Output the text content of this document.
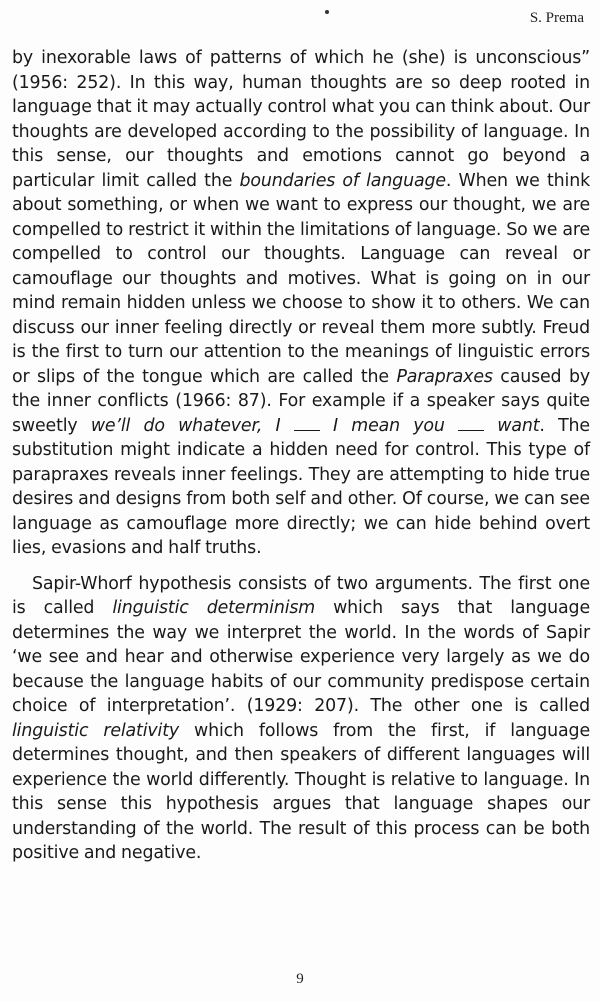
S. Prema

by inexorable laws of patterns of which he (she) is unconscious” (1956: 252). In this way, human thoughts are so deep rooted in language that it may actually control what you can think about. Our thoughts are developed according to the possibility of language. In this sense, our thoughts and emotions cannot go beyond a particular limit called the boundaries of language. When we think about something, or when we want to express our thought, we are compelled to restrict it within the limitations of language. So we are compelled to control our thoughts. Language can reveal or camouflage our thoughts and motives. What is going on in our mind remain hidden unless we choose to show it to others. We can discuss our inner feeling directly or reveal them more subtly. Freud is the first to turn our attention to the meanings of linguistic errors or slips of the tongue which are called the Parapraxes caused by the inner conflicts (1966: 87). For example if a speaker says quite sweetly we’ll do whatever, I	I mean you	want. The substitution might indicate a hidden need for control. This type of parapraxes reveals inner feelings. They are attempting to hide true desires and designs from both self and other. Of course, we can see language as camouflage more directly; we can hide behind overt lies, evasions and half truths.

Sapir-Whorf hypothesis consists of two arguments. The first one is called linguistic determinism which says that language determines the way we interpret the world. In the words of Sapir ‘we see and hear and otherwise experience very largely as we do because the language habits of our community predispose certain choice of interpretation’. (1929: 207). The other one is called linguistic relativity which follows from the first, if language determines thought, and then speakers of different languages will experience the world differently. Thought is relative to language. In this sense this hypothesis argues that language shapes our understanding of the world. The result of this process can be both positive and negative.

9
